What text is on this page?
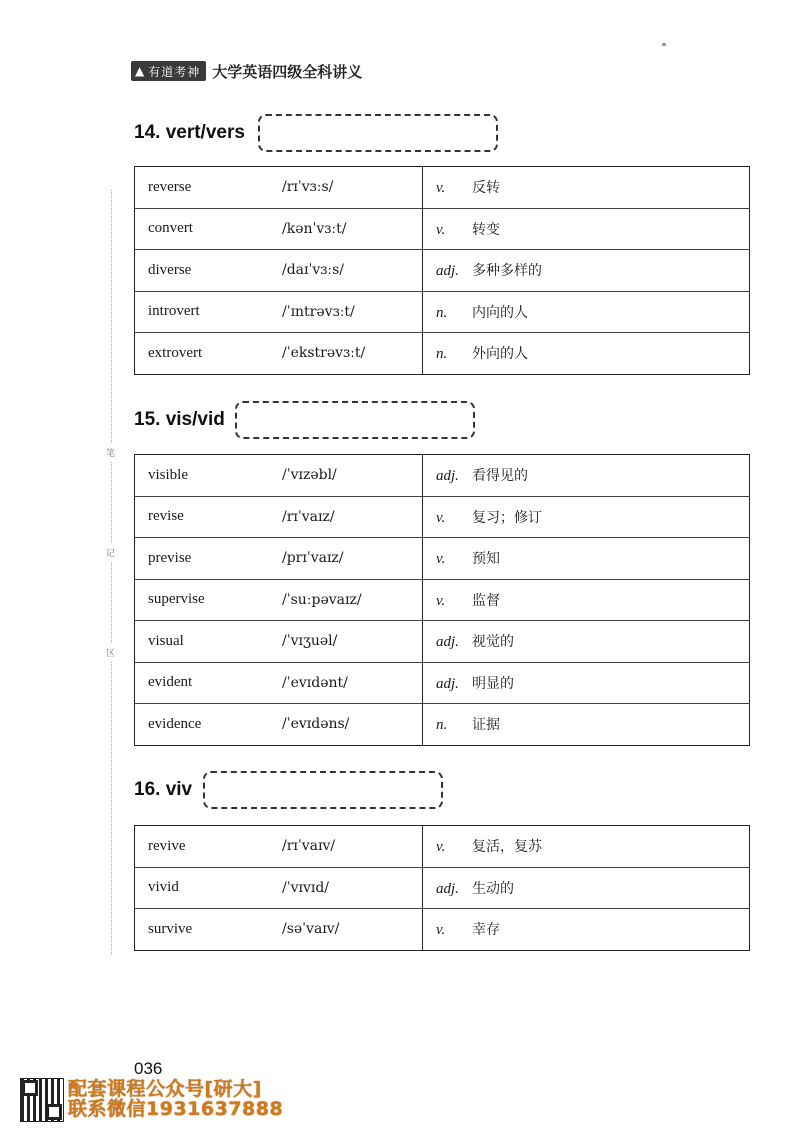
▲ 有道考神 大学英语四级全科讲义
笔
记
区
14. vert/vers
reverse	/rɪˈvɜːs/	v. 反转
convert	/kənˈvɜːt/	v. 转变
diverse	/daɪˈvɜːs/	adj. 多种多样的
introvert	/ˈɪntrəvɜːt/	n. 内向的人
extrovert	/ˈekstrəvɜːt/	n. 外向的人
15. vis/vid
visible	/ˈvɪzəbl/	adj. 看得见的
revise	/rɪˈvaɪz/	v. 复习；修订
previse	/prɪˈvaɪz/	v. 预知
supervise	/ˈsuːpəvaɪz/	v. 监督
visual	/ˈvɪʒuəl/	adj. 视觉的
evident	/ˈevɪdənt/	adj. 明显的
evidence	/ˈevɪdəns/	n. 证据
16. viv
revive	/rɪˈvaɪv/	v. 复活，复苏
vivid	/ˈvɪvɪd/	adj. 生动的
survive	/səˈvaɪv/	v. 幸存
036
配套课程公众号[研大]
联系微信1931637888
